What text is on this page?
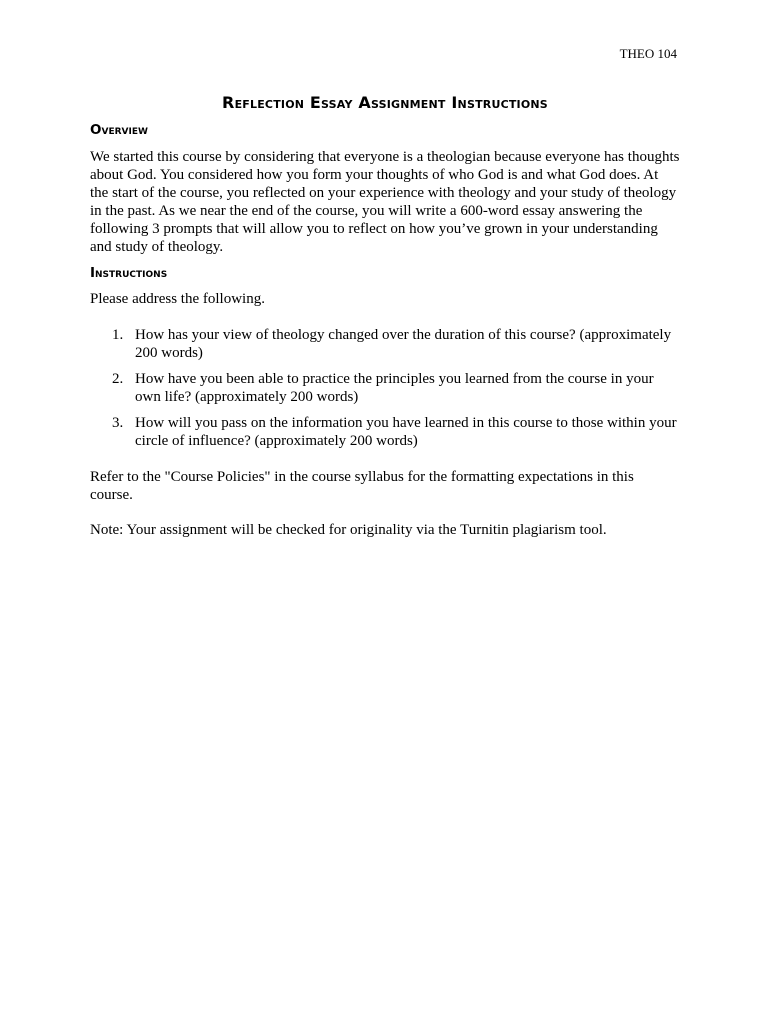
THEO 104
Reflection Essay Assignment Instructions
Overview

We started this course by considering that everyone is a theologian because everyone has thoughts about God. You considered how you form your thoughts of who God is and what God does. At the start of the course, you reflected on your experience with theology and your study of theology in the past. As we near the end of the course, you will write a 600-word essay answering the following 3 prompts that will allow you to reflect on how you’ve grown in your understanding and study of theology.

Instructions

Please address the following.

1. How has your view of theology changed over the duration of this course? (approximately 200 words)
2. How have you been able to practice the principles you learned from the course in your own life? (approximately 200 words)
3. How will you pass on the information you have learned in this course to those within your circle of influence? (approximately 200 words)

Refer to the "Course Policies" in the course syllabus for the formatting expectations in this course.

Note: Your assignment will be checked for originality via the Turnitin plagiarism tool.
